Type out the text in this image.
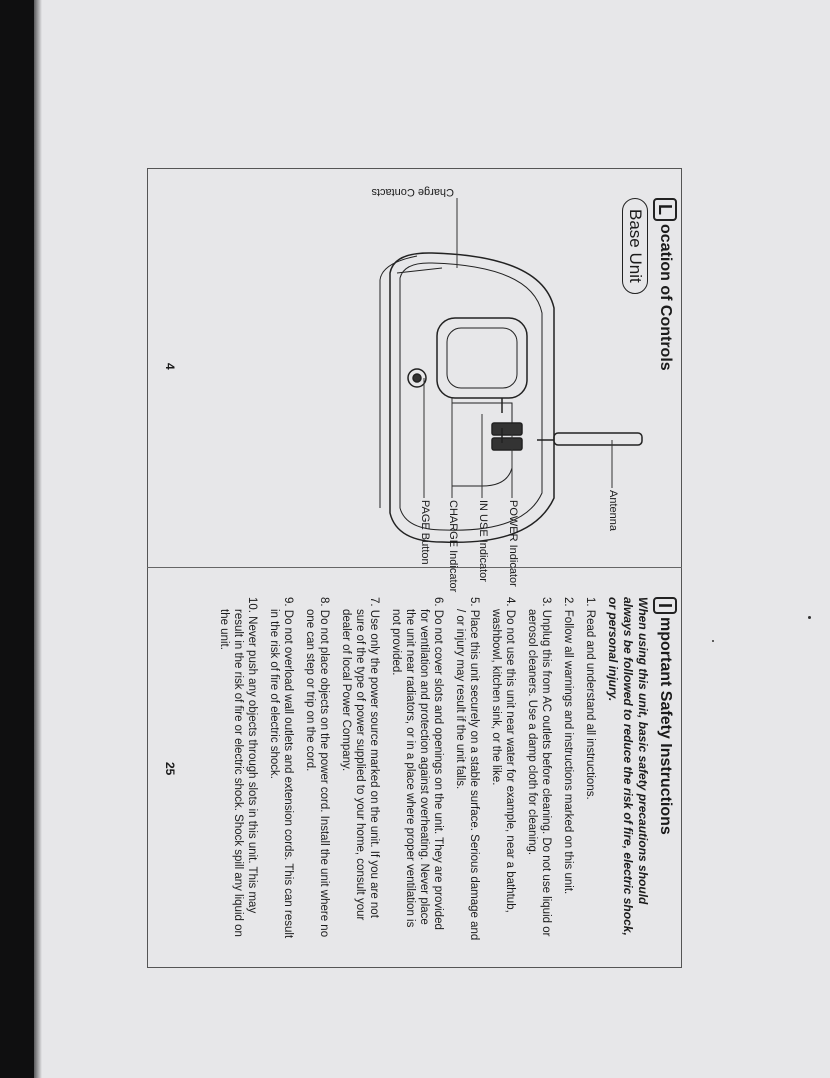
L
ocation of Controls
Base Unit
Antenna
Charge Contacts
POWER Indicator
IN USE Indicator
CHARGE Indicator
PAGE Button
4
I
mportant Safety Instructions
When using this unit, basic safety precautions should always be followed to reduce the risk of fire, electric shock, or personal injury.
1. Read and understand all instructions.
2. Follow all warnings and instructions marked on this unit.
3. Unplug this from AC outlets before cleaning. Do not use liquid or aerosol cleaners. Use a damp cloth for cleaning.
4. Do not use this unit near water for example, near a bathtub, washbowl, kitchen sink, or the like.
5. Place this unit securely on a stable surface. Serious damage and / or injury may result if the unit falls.
6. Do not cover slots and openings on the unit. They are provided for ventilation and protection against overheating. Never place the unit near radiators, or in a place where proper ventilation is not provided.
7. Use only the power source marked on the unit. If you are not sure of the type of power supplied to your home, consult your dealer of local Power Company.
8. Do not place objects on the power cord. Install the unit where no one can step or trip on the cord.
9. Do not overload wall outlets and extension cords. This can result in the risk of fire of electric shock.
10. Never push any objects through slots in this unit. This may result in the risk of fire or electric shock. Shock spill any liquid on the unit.
25
